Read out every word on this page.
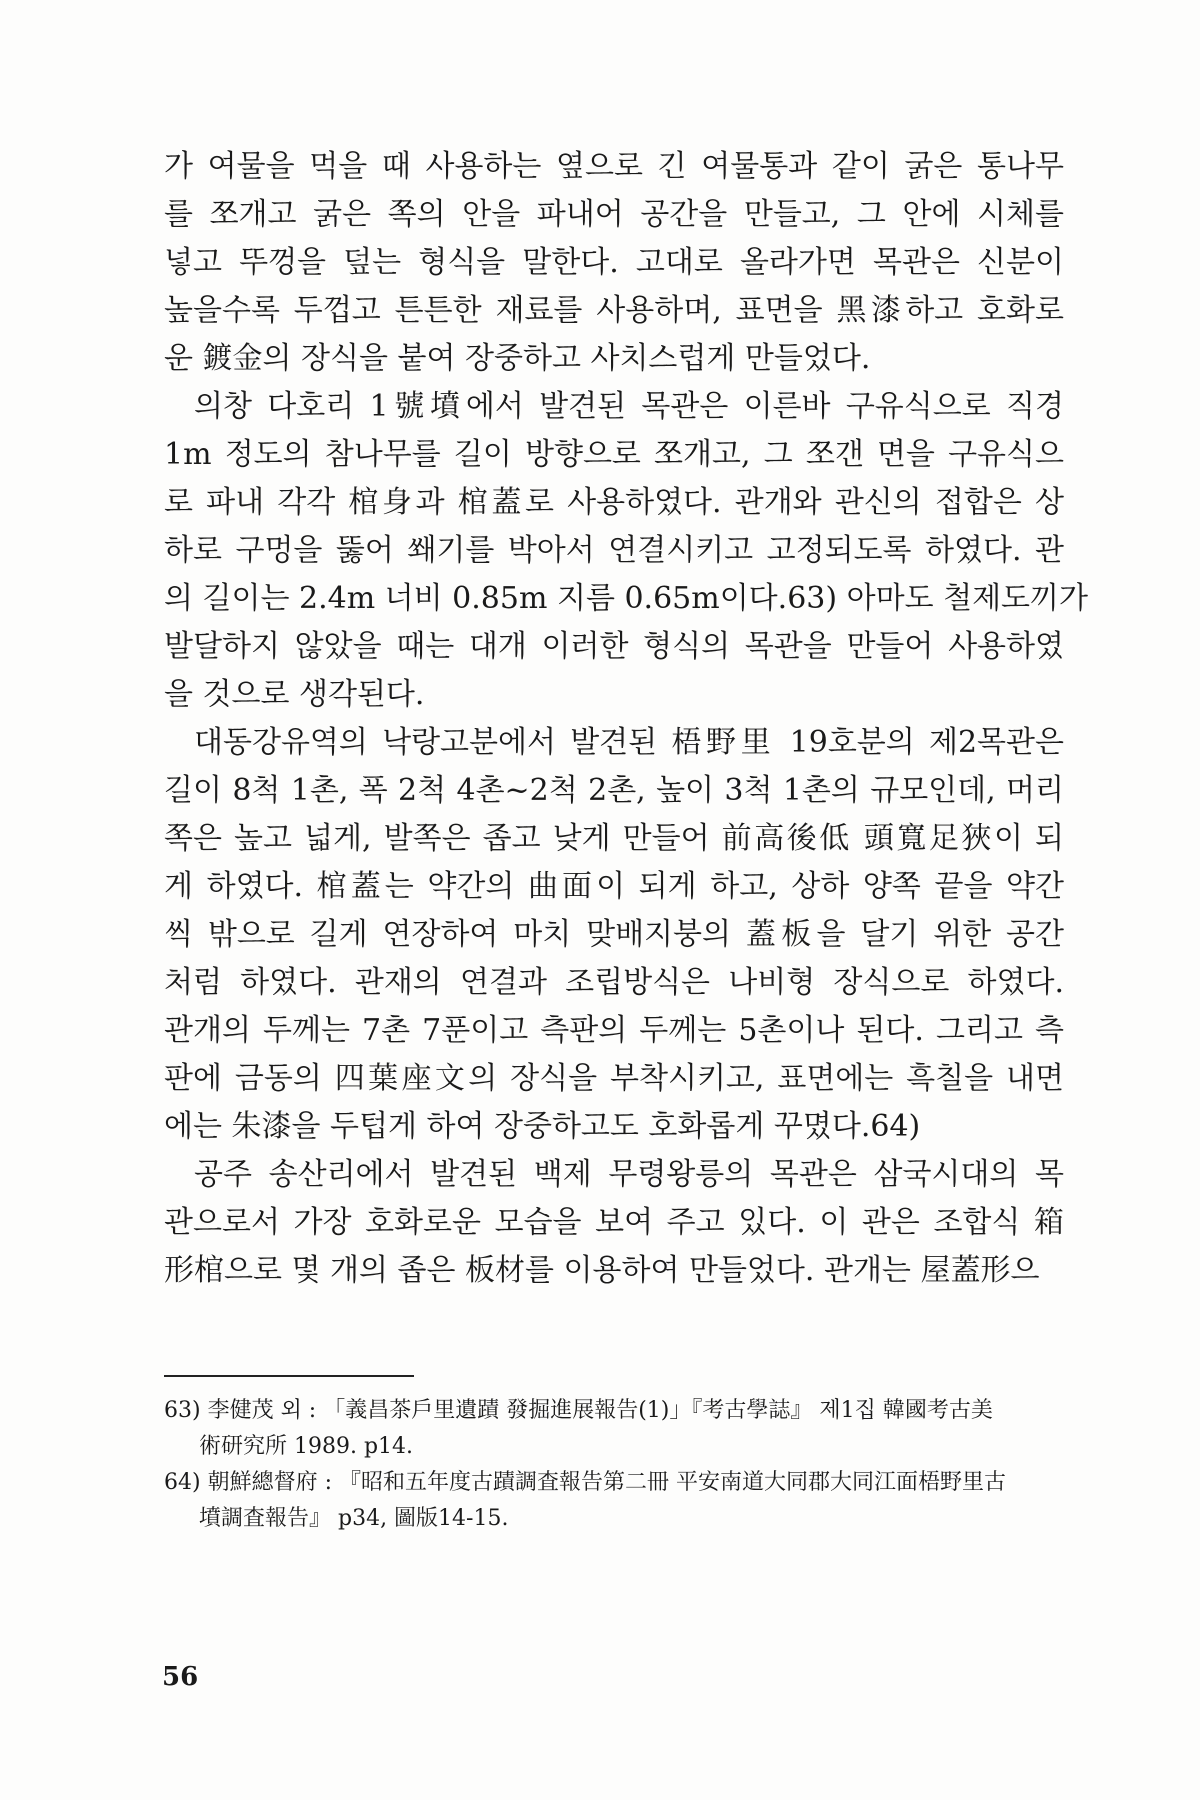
가 여물을 먹을 때 사용하는 옆으로 긴 여물통과 같이 굵은 통나무
를 쪼개고 굵은 쪽의 안을 파내어 공간을 만들고, 그 안에 시체를
넣고 뚜껑을 덮는 형식을 말한다. 고대로 올라가면 목관은 신분이
높을수록 두껍고 튼튼한 재료를 사용하며, 표면을 黑漆하고 호화로
운 鍍金의 장식을 붙여 장중하고 사치스럽게 만들었다.
의창 다호리 1號墳에서 발견된 목관은 이른바 구유식으로 직경
1m 정도의 참나무를 길이 방향으로 쪼개고, 그 쪼갠 면을 구유식으
로 파내 각각 棺身과 棺蓋로 사용하였다. 관개와 관신의 접합은 상
하로 구멍을 뚫어 쐐기를 박아서 연결시키고 고정되도록 하였다. 관
의 길이는 2.4m 너비 0.85m 지름 0.65m이다.63) 아마도 철제도끼가
발달하지 않았을 때는 대개 이러한 형식의 목관을 만들어 사용하였
을 것으로 생각된다.
대동강유역의 낙랑고분에서 발견된 梧野里 19호분의 제2목관은
길이 8척 1촌, 폭 2척 4촌~2척 2촌, 높이 3척 1촌의 규모인데, 머리
쪽은 높고 넓게, 발쪽은 좁고 낮게 만들어 前高後低 頭寬足狹이 되
게 하였다. 棺蓋는 약간의 曲面이 되게 하고, 상하 양쪽 끝을 약간
씩 밖으로 길게 연장하여 마치 맞배지붕의 蓋板을 달기 위한 공간
처럼 하였다. 관재의 연결과 조립방식은 나비형 장식으로 하였다.
관개의 두께는 7촌 7푼이고 측판의 두께는 5촌이나 된다. 그리고 측
판에 금동의 四葉座文의 장식을 부착시키고, 표면에는 흑칠을 내면
에는 朱漆을 두텁게 하여 장중하고도 호화롭게 꾸몄다.64)
공주 송산리에서 발견된 백제 무령왕릉의 목관은 삼국시대의 목
관으로서 가장 호화로운 모습을 보여 주고 있다. 이 관은 조합식 箱
形棺으로 몇 개의 좁은 板材를 이용하여 만들었다. 관개는 屋蓋形으
63) 李健茂 외 : 「義昌茶戶里遺蹟 發掘進展報告(1)」『考古學誌』 제1집 韓國考古美
術研究所 1989. p14.
64) 朝鮮總督府 : 『昭和五年度古蹟調査報告第二冊 平安南道大同郡大同江面梧野里古
墳調査報告』 p34, 圖版14-15.
56
